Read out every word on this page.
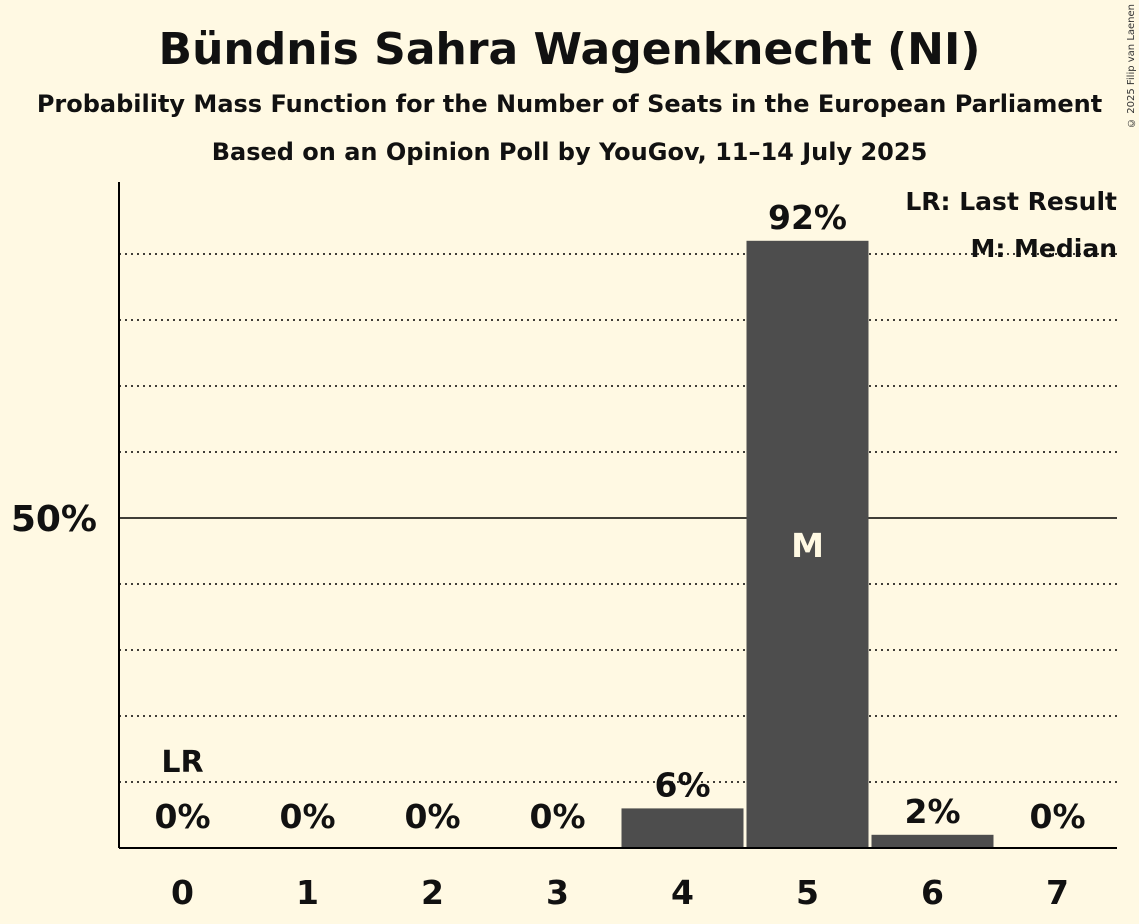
Bündnis Sahra Wagenknecht (NI)
Probability Mass Function for the Number of Seats in the European Parliament
Based on an Opinion Poll by YouGov, 11–14 July 2025
© 2025 Filip van Laenen
0% 0% 0% 0%
6%
92%
2% 0%
LR
M
50%
0	1	2	3	4	5	6	7
LR: Last Result
M: Median
